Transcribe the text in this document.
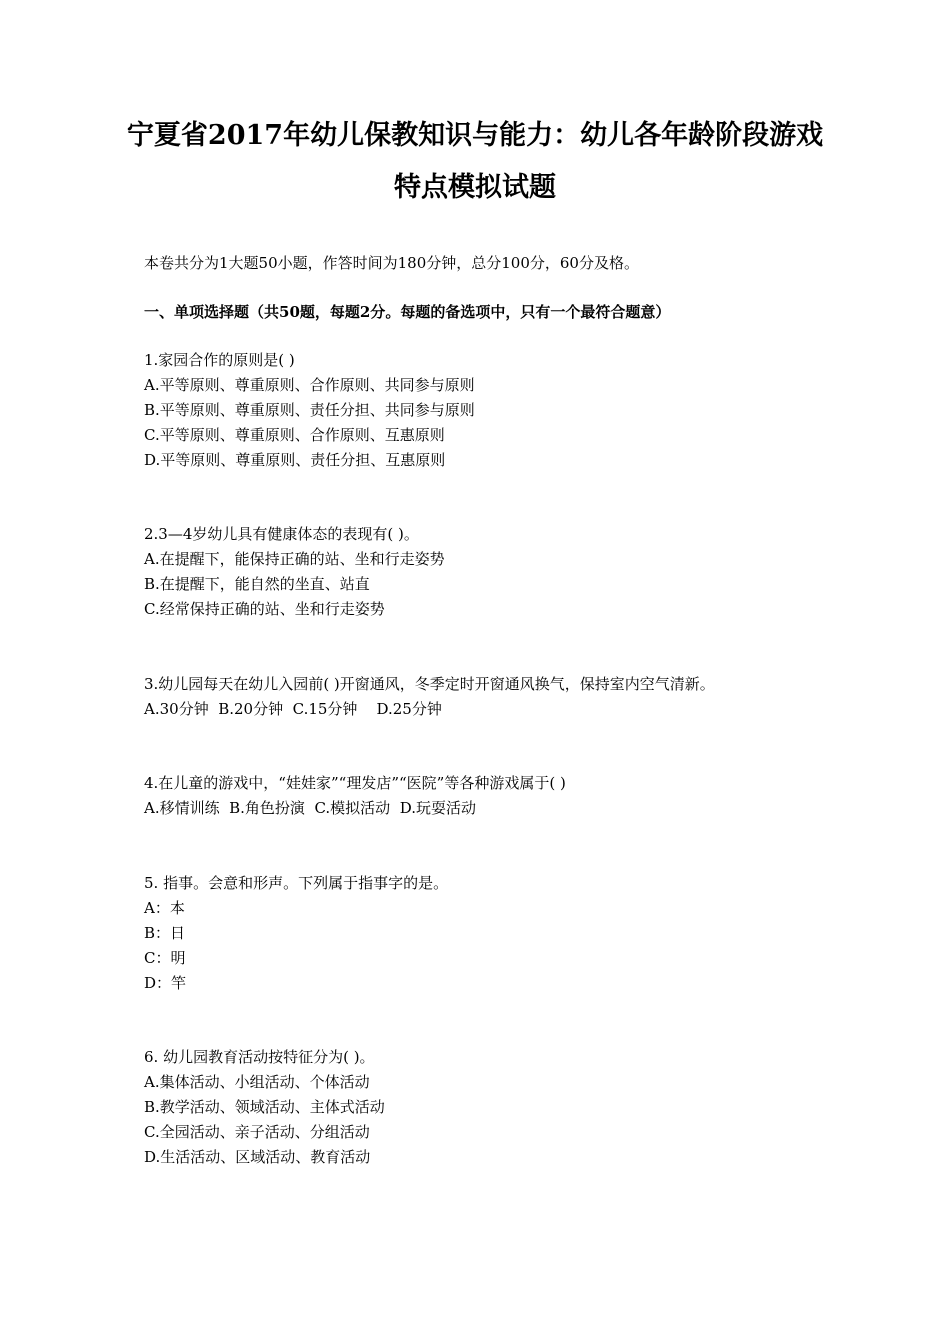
宁夏省2017年幼儿保教知识与能力：幼儿各年龄阶段游戏
特点模拟试题
本卷共分为1大题50小题，作答时间为180分钟，总分100分，60分及格。
一、单项选择题（共50题，每题2分。每题的备选项中，只有一个最符合题意）
1.家园合作的原则是( )
A.平等原则、尊重原则、合作原则、共同参与原则
B.平等原则、尊重原则、责任分担、共同参与原则
C.平等原则、尊重原则、合作原则、互惠原则
D.平等原则、尊重原则、责任分担、互惠原则
2.3—4岁幼儿具有健康体态的表现有( )。
A.在提醒下，能保持正确的站、坐和行走姿势
B.在提醒下，能自然的坐直、站直
C.经常保持正确的站、坐和行走姿势
3.幼儿园每天在幼儿入园前( )开窗通风，冬季定时开窗通风换气，保持室内空气清新。
A.30分钟  B.20分钟  C.15分钟    D.25分钟
4.在儿童的游戏中，“娃娃家”“理发店”“医院”等各种游戏属于( )
A.移情训练  B.角色扮演  C.模拟活动  D.玩耍活动
5. 指事。会意和形声。下列属于指事字的是。
A：本
B：日
C：明
D：竿
6. 幼儿园教育活动按特征分为( )。
A.集体活动、小组活动、个体活动
B.教学活动、领域活动、主体式活动
C.全园活动、亲子活动、分组活动
D.生活活动、区域活动、教育活动
